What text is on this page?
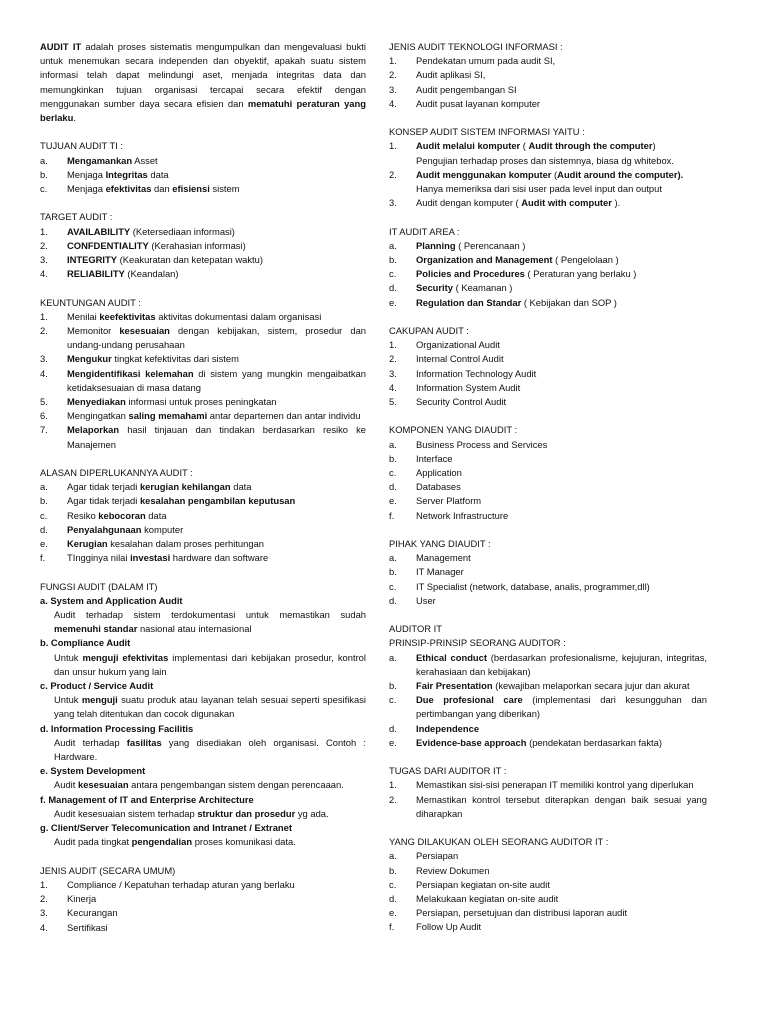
AUDIT IT adalah proses sistematis mengumpulkan dan mengevaluasi bukti untuk menemukan secara independen dan obyektif, apakah suatu sistem informasi telah dapat melindungi aset, menjada integritas data dan memungkinkan tujuan organisasi tercapai secara efektif dengan menggunakan sumber daya secara efisien dan mematuhi peraturan yang berlaku.
TUJUAN AUDIT TI :
a.	Mengamankan Asset
b.	Menjaga Integritas data
c.	Menjaga efektivitas dan efisiensi sistem
TARGET AUDIT :
1.	AVAILABILITY (Ketersediaan informasi)
2.	CONFDENTIALITY (Kerahasian informasi)
3.	INTEGRITY (Keakuratan dan ketepatan waktu)
4.	RELIABILITY (Keandalan)
KEUNTUNGAN AUDIT :
1.	Menilai keefektivitas aktivitas dokumentasi dalam organisasi
2.	Memonitor kesesuaian dengan kebijakan, sistem, prosedur dan undang-undang perusahaan
3.	Mengukur tingkat kefektivitas dari sistem
4.	Mengidentifikasi kelemahan di sistem yang mungkin mengaibatkan ketidaksesuaian di masa datang
5.	Menyediakan informasi untuk proses peningkatan
6.	Mengingatkan saling memahami antar departemen dan antar individu
7.	Melaporkan hasil tinjauan dan tindakan berdasarkan resiko ke Manajemen
ALASAN DIPERLUKANNYA AUDIT :
a.	Agar tidak terjadi kerugian kehilangan data
b.	Agar tidak terjadi kesalahan pengambilan keputusan
c.	Resiko kebocoran data
d.	Penyalahgunaan komputer
e.	Kerugian kesalahan dalam proses perhitungan
f.	TIngginya nilai investasi hardware dan software
FUNGSI AUDIT (DALAM IT)
a. System and Application Audit
Audit terhadap sistem terdokumentasi untuk memastikan sudah memenuhi standar nasional atau internasional
b. Compliance Audit
Untuk menguji efektivitas implementasi dari kebijakan prosedur, kontrol dan unsur hukum yang lain
c. Product / Service Audit
Untuk menguji suatu produk atau layanan telah sesuai seperti spesifikasi yang telah ditentukan dan cocok digunakan
d. Information Processing Facilitis
Audit terhadap fasilitas yang disediakan oleh organisasi. Contoh : Hardware.
e. System Development
Audit kesesuaian antara pengembangan sistem dengan perencaaan.
f. Management of IT and Enterprise Architecture
Audit kesesuaian sistem terhadap struktur dan prosedur yg ada.
g. Client/Server Telecomunication and Intranet / Extranet
Audit pada tingkat pengendalian proses komunikasi data.
JENIS AUDIT (SECARA UMUM)
1.	Compliance / Kepatuhan terhadap aturan yang berlaku
2.	Kinerja
3.	Kecurangan
4.	Sertifikasi
JENIS AUDIT TEKNOLOGI INFORMASI :
1.	Pendekatan umum pada audit SI,
2.	Audit aplikasi SI,
3.	Audit pengembangan SI
4.	Audit pusat layanan komputer
KONSEP AUDIT SISTEM INFORMASI YAITU :
1.	Audit melalui komputer ( Audit through the computer)
Pengujian terhadap proses dan sistemnya, biasa dg whitebox.
2.	Audit menggunakan komputer (Audit around the computer).
Hanya memeriksa dari sisi user pada level input dan output
3.	Audit dengan komputer ( Audit with computer ).
IT AUDIT AREA :
a.	Planning ( Perencanaan )
b.	Organization and Management ( Pengelolaan )
c.	Policies and Procedures ( Peraturan yang berlaku )
d.	Security ( Keamanan )
e.	Regulation dan Standar ( Kebijakan dan SOP )
CAKUPAN AUDIT :
1.	Organizational Audit
2.	Internal Control Audit
3.	Information Technology Audit
4.	Information System Audit
5.	Security Control Audit
KOMPONEN YANG DIAUDIT :
a.	Business Process and Services
b.	Interface
c.	Application
d.	Databases
e.	Server Platform
f.	Network Infrastructure
PIHAK YANG DIAUDIT :
a.	Management
b.	IT Manager
c.	IT Specialist (network, database, analis, programmer,dll)
d.	User
AUDITOR IT
PRINSIP-PRINSIP SEORANG AUDITOR :
a.	Ethical conduct (berdasarkan profesionalisme, kejujuran, integritas, kerahasiaan dan kebijakan)
b.	Fair Presentation (kewajiban melaporkan secara jujur dan akurat
c.	Due profesional care (implementasi dari kesungguhan dan pertimbangan yang diberikan)
d.	Independence
e.	Evidence-base approach (pendekatan berdasarkan fakta)
TUGAS DARI AUDITOR IT :
1.	Memastikan sisi-sisi penerapan IT memiliki kontrol yang diperlukan
2.	Memastikan kontrol tersebut diterapkan dengan baik sesuai yang diharapkan
YANG DILAKUKAN OLEH SEORANG AUDITOR IT :
a.	Persiapan
b.	Review Dokumen
c.	Persiapan kegiatan on-site audit
d.	Melakukaan kegiatan on-site audit
e.	Persiapan, persetujuan dan distribusi laporan audit
f.	Follow Up Audit
